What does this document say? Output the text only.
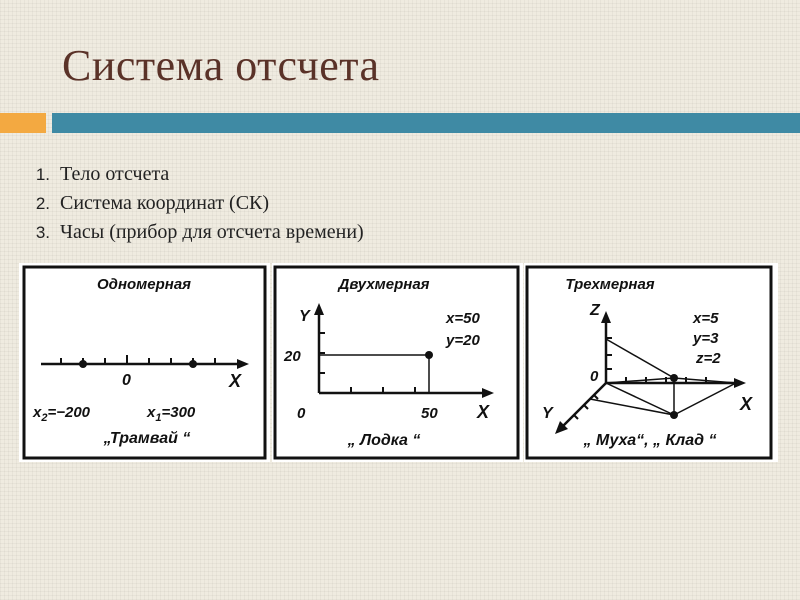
Система отсчета
1. Тело отсчета
2. Система координат (СК)
3. Часы (прибор для отсчета времени)
Одномерная
0	X
$x_2=-200$	$x_1=300$
„Трамвай “
Двухмерная
Y
20
0	50 X
x=50
y=20
„ Лодка “
Трехмерная
Z
0
X
Y
x=5
y=3
z=2
„ Муха“, „ Клад “
